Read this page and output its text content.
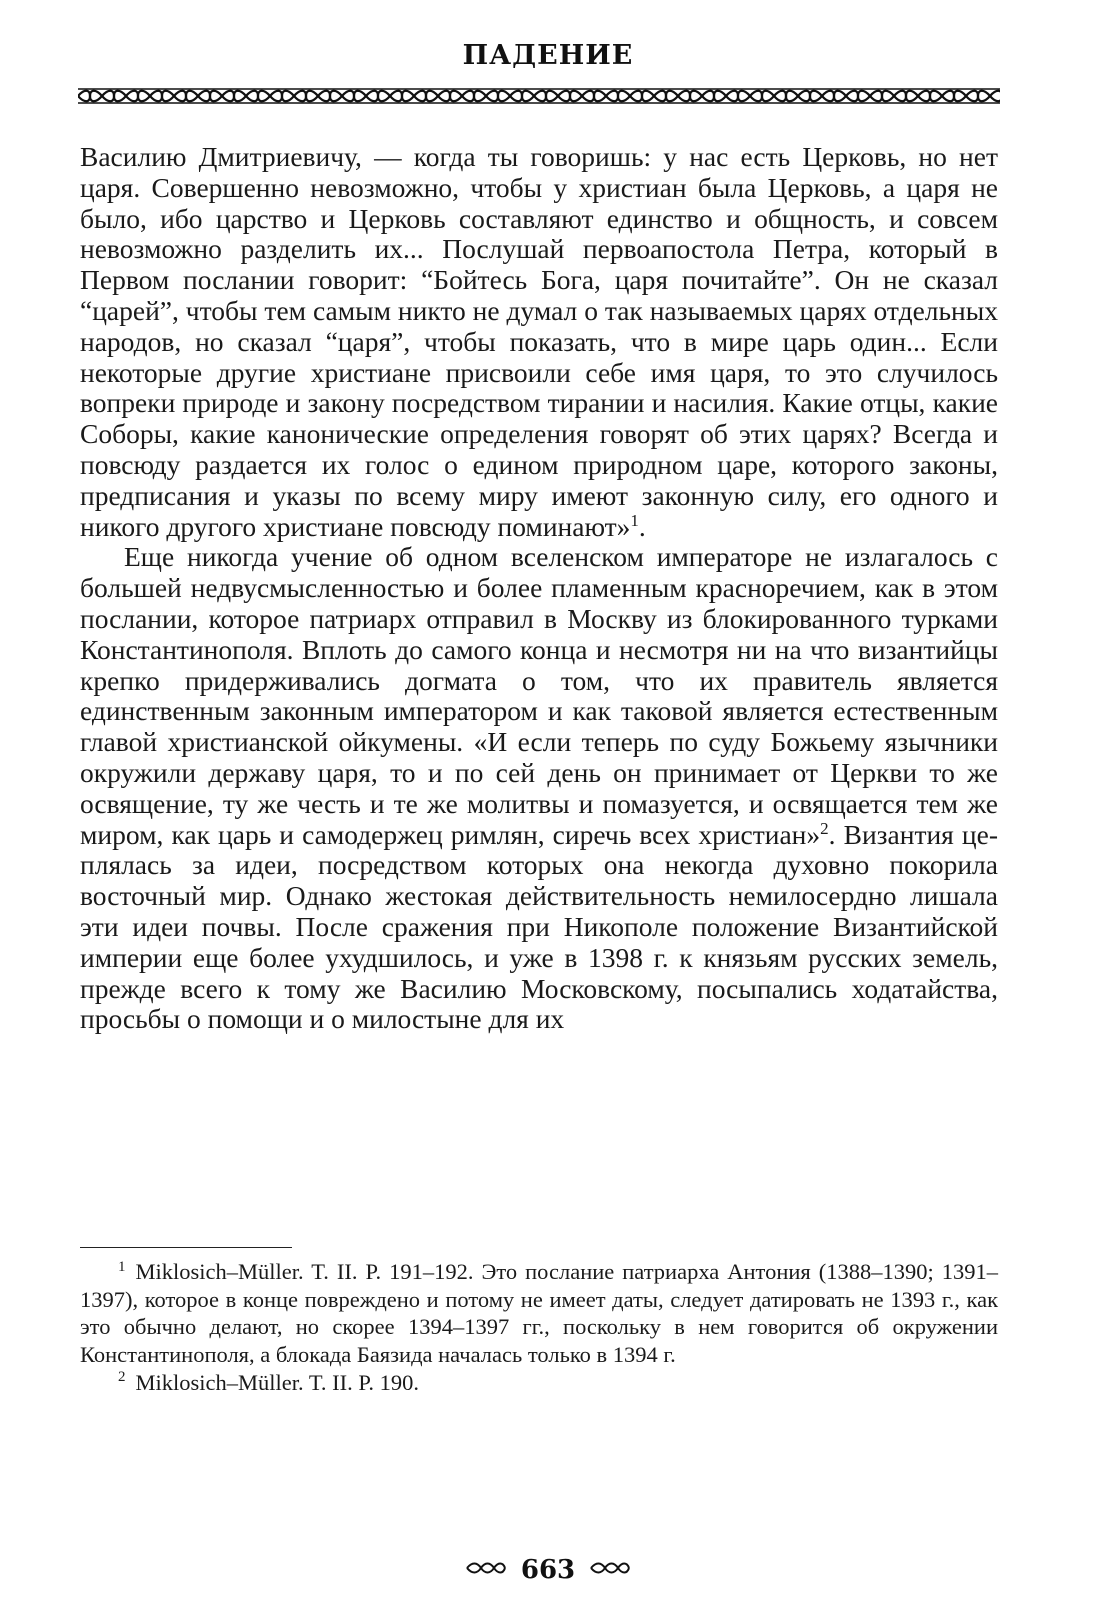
ПАДЕНИЕ

Василию Дмитриевичу, — когда ты говоришь: у нас есть Церковь, но нет царя. Совершенно невозможно, чтобы у христиан была Церковь, а царя не было, ибо царство и Церковь составляют единство и общность, и совсем невозможно разделить их... Послушай первоапостола Петра, который в Первом послании говорит: “Бойтесь Бога, царя почитайте”. Он не сказал “царей”, чтобы тем самым никто не думал о так называемых царях отдельных народов, но сказал “царя”, чтобы показать, что в мире царь один... Если некоторые другие христиане присвоили себе имя царя, то это случилось вопреки природе и закону посредством тирании и насилия. Какие отцы, какие Соборы, какие канонические определения говорят об этих царях? Всегда и повсюду раздается их голос о едином природном царе, которого законы, предписания и указы по всему миру имеют законную силу, его одного и никого другого христиане повсюду поминают»$^1$.

Еще никогда учение об одном вселенском императоре не излагалось с большей недвусмысленностью и более пламенным красноречием, как в этом послании, которое патриарх отправил в Москву из блокированного турками Константинополя. Вплоть до самого конца и несмотря ни на что византийцы крепко придерживались догмата о том, что их правитель является единственным законным императором и как таковой является естественным главой христианской ойкумены. «И если теперь по суду Божьему язычники окружили державу царя, то и по сей день он принимает от Церкви то же освящение, ту же честь и те же молитвы и помазуется, и освящается тем же миром, как царь и самодержец римлян, сиречь всех христиан»$^2$. Византия цеплялась за идеи, посредством которых она некогда духовно покорила восточный мир. Однако жестокая действительность немилосердно лишала эти идеи почвы. После сражения при Никополе положение Византийской империи еще более ухудшилось, и уже в 1398 г. к князьям русских земель, прежде всего к тому же Василию Московскому, посыпались ходатайства, просьбы о помощи и о милостыне для их

$^1$ Miklosich–Müller. T. II. P. 191–192. Это послание патриарха Антония (1388–1390; 1391–1397), которое в конце повреждено и потому не имеет даты, следует датировать не 1393 г., как это обычно делают, но скорее 1394–1397 гг., поскольку в нем говорится об окружении Константинополя, а блокада Баязида началась только в 1394 г.

$^2$ Miklosich–Müller. T. II. P. 190.

663
